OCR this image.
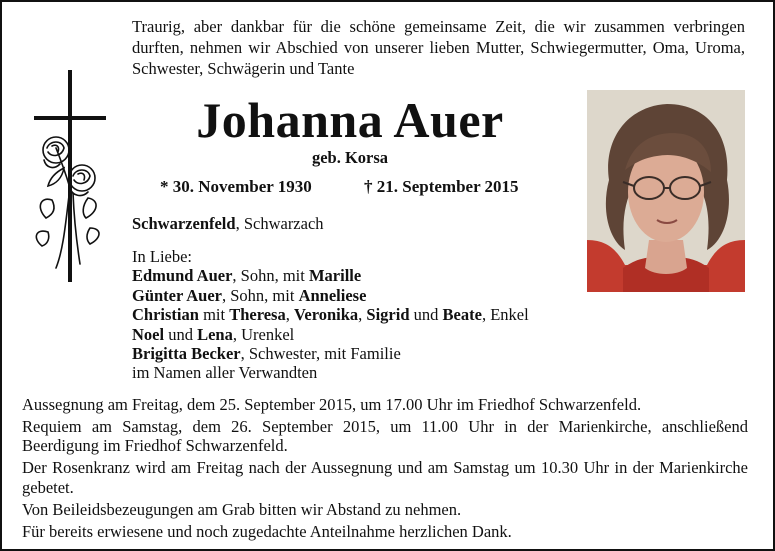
Traurig, aber dankbar für die schöne gemeinsame Zeit, die wir zusammen verbringen durften, nehmen wir Abschied von unserer lieben Mutter, Schwiegermutter, Oma, Uroma, Schwester, Schwägerin und Tante
Johanna Auer
geb. Korsa
* 30. November 1930	† 21. September 2015
Schwarzenfeld, Schwarzach
In Liebe:
Edmund Auer, Sohn, mit Marille
Günter Auer, Sohn, mit Anneliese
Christian mit Theresa, Veronika, Sigrid und Beate, Enkel
Noel und Lena, Urenkel
Brigitta Becker, Schwester, mit Familie
im Namen aller Verwandten

Aussegnung am Freitag, dem 25. September 2015, um 17.00 Uhr im Friedhof Schwarzenfeld.

Requiem am Samstag, dem 26. September 2015, um 11.00 Uhr in der Marienkirche, anschließend Beerdigung im Friedhof Schwarzenfeld.

Der Rosenkranz wird am Freitag nach der Aussegnung und am Samstag um 10.30 Uhr in der Marienkirche gebetet.

Von Beileidsbezeugungen am Grab bitten wir Abstand zu nehmen.

Für bereits erwiesene und noch zugedachte Anteilnahme herzlichen Dank.
